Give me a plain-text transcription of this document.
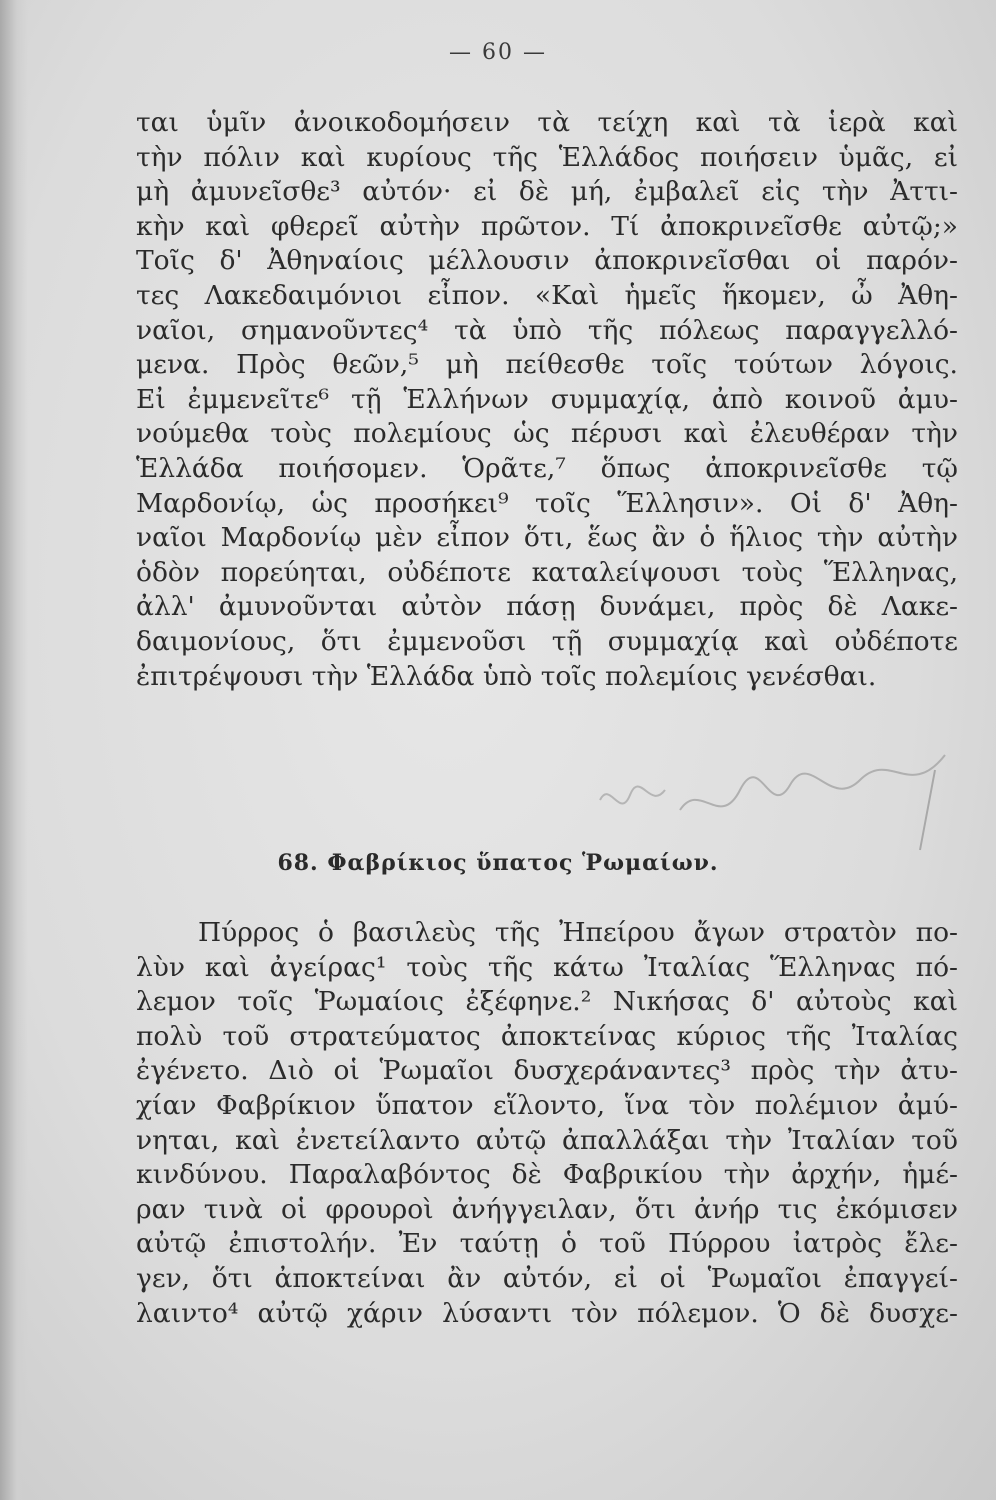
— 60 —
ται ὑμῖν ἀνοικοδομήσειν τὰ τείχη καὶ τὰ ἱερὰ καὶ
τὴν πόλιν καὶ κυρίους τῆς Ἑλλάδος ποιήσειν ὑμᾶς, εἰ
μὴ ἀμυνεῖσθε³ αὐτόν· εἰ δὲ μή, ἐμβαλεῖ εἰς τὴν Ἀττι-
κὴν καὶ φθερεῖ αὐτὴν πρῶτον. Τί ἀποκρινεῖσθε αὐτῷ;»
Τοῖς δ' Ἀθηναίοις μέλλουσιν ἀποκρινεῖσθαι οἱ παρόν-
τες Λακεδαιμόνιοι εἶπον. «Καὶ ἡμεῖς ἥκομεν, ὦ Ἀθη-
ναῖοι, σημανοῦντες⁴ τὰ ὑπὸ τῆς πόλεως παραγγελλό-
μενα. Πρὸς θεῶν,⁵ μὴ πείθεσθε τοῖς τούτων λόγοις.
Εἰ ἐμμενεῖτε⁶ τῇ Ἑλλήνων συμμαχίᾳ, ἀπὸ κοινοῦ ἀμυ-
νούμεθα τοὺς πολεμίους ὡς πέρυσι καὶ ἐλευθέραν τὴν
Ἑλλάδα ποιήσομεν. Ὁρᾶτε,⁷ ὅπως ἀποκρινεῖσθε τῷ
Μαρδονίῳ, ὡς προσήκει⁹ τοῖς Ἕλλησιν». Οἱ δ' Ἀθη-
ναῖοι Μαρδονίῳ μὲν εἶπον ὅτι, ἕως ἂν ὁ ἥλιος τὴν αὐτὴν
ὁδὸν πορεύηται, οὐδέποτε καταλείψουσι τοὺς Ἕλληνας,
ἀλλ' ἀμυνοῦνται αὐτὸν πάσῃ δυνάμει, πρὸς δὲ Λακε-
δαιμονίους, ὅτι ἐμμενοῦσι τῇ συμμαχίᾳ καὶ οὐδέποτε
ἐπιτρέψουσι τὴν Ἑλλάδα ὑπὸ τοῖς πολεμίοις γενέσθαι.
68. Φαβρίκιος ὕπατος Ῥωμαίων.
Πύρρος ὁ βασιλεὺς τῆς Ἠπείρου ἄγων στρατὸν πο-
λὺν καὶ ἀγείρας¹ τοὺς τῆς κάτω Ἰταλίας Ἕλληνας πό-
λεμον τοῖς Ῥωμαίοις ἐξέφηνε.² Νικήσας δ' αὐτοὺς καὶ
πολὺ τοῦ στρατεύματος ἀποκτείνας κύριος τῆς Ἰταλίας
ἐγένετο. Διὸ οἱ Ῥωμαῖοι δυσχεράναντες³ πρὸς τὴν ἀτυ-
χίαν Φαβρίκιον ὕπατον εἵλοντο, ἵνα τὸν πολέμιον ἀμύ-
νηται, καὶ ἐνετείλαντο αὐτῷ ἀπαλλάξαι τὴν Ἰταλίαν τοῦ
κινδύνου. Παραλαβόντος δὲ Φαβρικίου τὴν ἀρχήν, ἡμέ-
ραν τινὰ οἱ φρουροὶ ἀνήγγειλαν, ὅτι ἀνήρ τις ἐκόμισεν
αὐτῷ ἐπιστολήν. Ἐν ταύτῃ ὁ τοῦ Πύρρου ἰατρὸς ἔλε-
γεν, ὅτι ἀποκτείναι ἂν αὐτόν, εἰ οἱ Ῥωμαῖοι ἐπαγγεί-
λαιντο⁴ αὐτῷ χάριν λύσαντι τὸν πόλεμον. Ὁ δὲ δυσχε-
